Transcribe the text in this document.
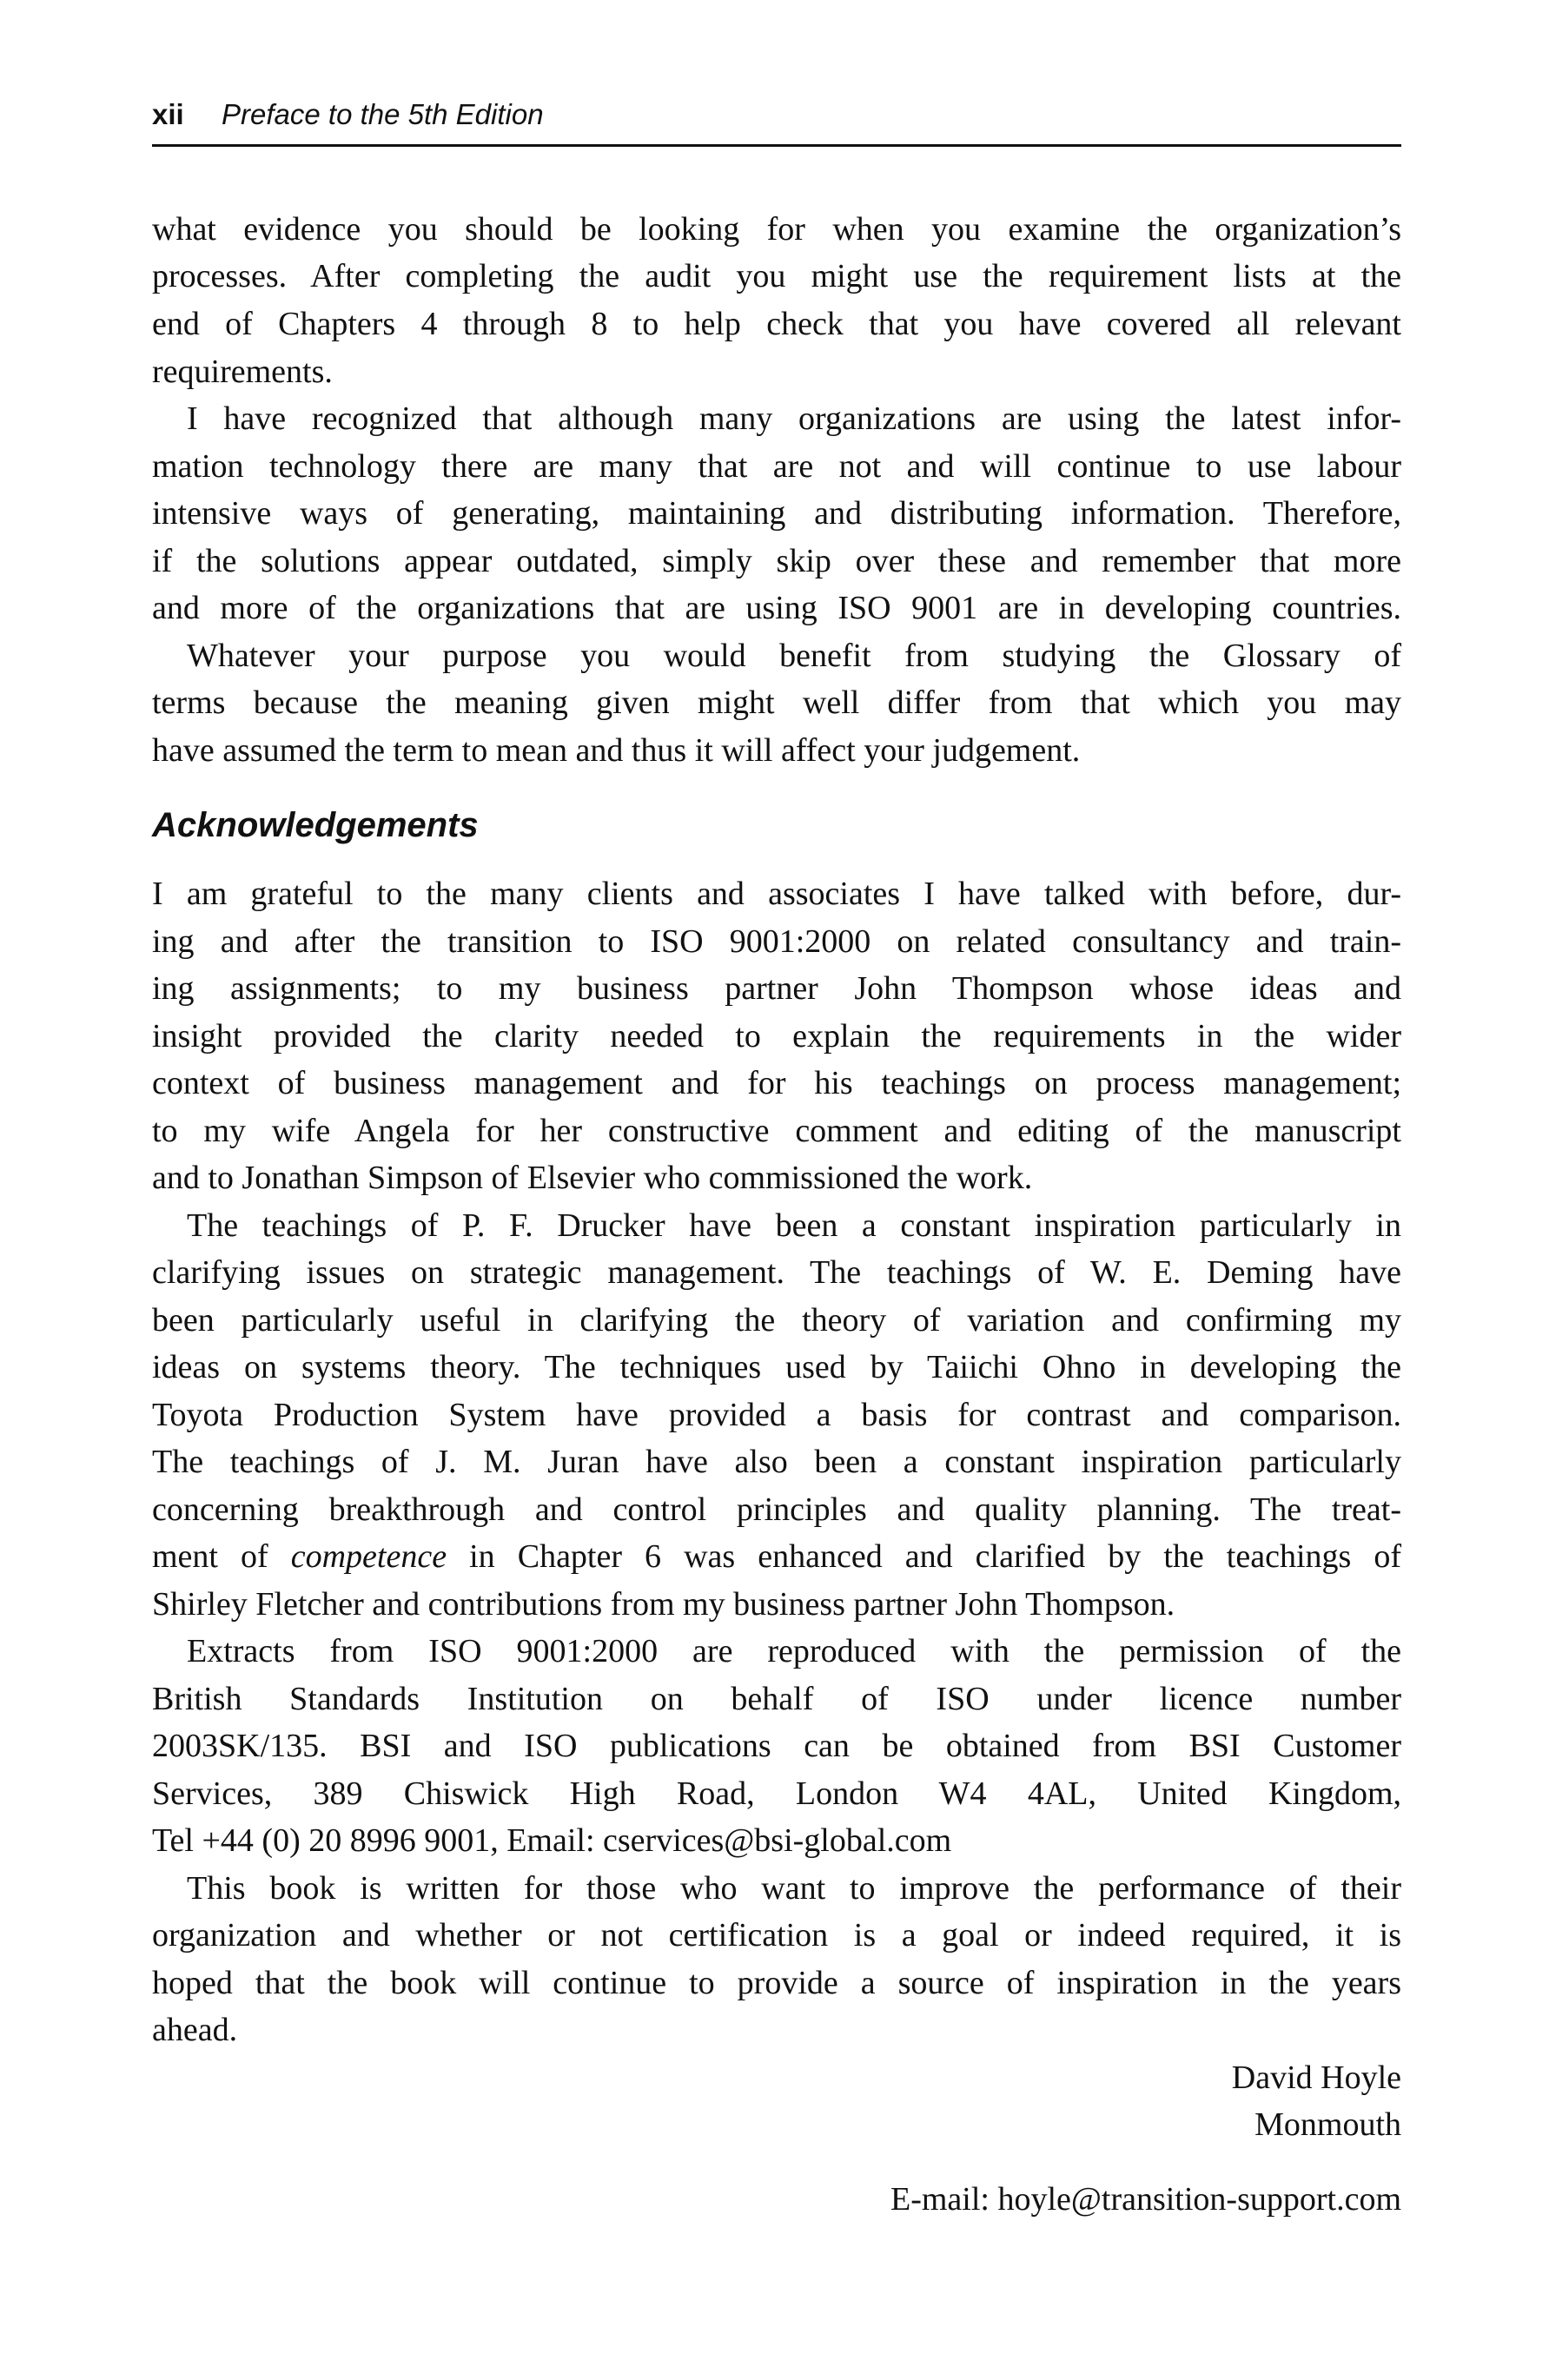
xii Preface to the 5th Edition
what evidence you should be looking for when you examine the organization’s
processes. After completing the audit you might use the requirement lists at the
end of Chapters 4 through 8 to help check that you have covered all relevant
requirements.
I have recognized that although many organizations are using the latest infor-
mation technology there are many that are not and will continue to use labour
intensive ways of generating, maintaining and distributing information. Therefore,
if the solutions appear outdated, simply skip over these and remember that more
and more of the organizations that are using ISO 9001 are in developing countries.
Whatever your purpose you would benefit from studying the Glossary of
terms because the meaning given might well differ from that which you may
have assumed the term to mean and thus it will affect your judgement.
Acknowledgements
I am grateful to the many clients and associates I have talked with before, dur-
ing and after the transition to ISO 9001:2000 on related consultancy and train-
ing assignments; to my business partner John Thompson whose ideas and
insight provided the clarity needed to explain the requirements in the wider
context of business management and for his teachings on process management;
to my wife Angela for her constructive comment and editing of the manuscript
and to Jonathan Simpson of Elsevier who commissioned the work.
The teachings of P. F. Drucker have been a constant inspiration particularly in
clarifying issues on strategic management. The teachings of W. E. Deming have
been particularly useful in clarifying the theory of variation and confirming my
ideas on systems theory. The techniques used by Taiichi Ohno in developing the
Toyota Production System have provided a basis for contrast and comparison.
The teachings of J. M. Juran have also been a constant inspiration particularly
concerning breakthrough and control principles and quality planning. The treat-
ment of competence in Chapter 6 was enhanced and clarified by the teachings of
Shirley Fletcher and contributions from my business partner John Thompson.
Extracts from ISO 9001:2000 are reproduced with the permission of the
British Standards Institution on behalf of ISO under licence number
2003SK/135. BSI and ISO publications can be obtained from BSI Customer
Services, 389 Chiswick High Road, London W4 4AL, United Kingdom,
Tel +44 (0) 20 8996 9001, Email: cservices@bsi-global.com
This book is written for those who want to improve the performance of their
organization and whether or not certification is a goal or indeed required, it is
hoped that the book will continue to provide a source of inspiration in the years
ahead.
David Hoyle
Monmouth
E-mail: hoyle@transition-support.com
